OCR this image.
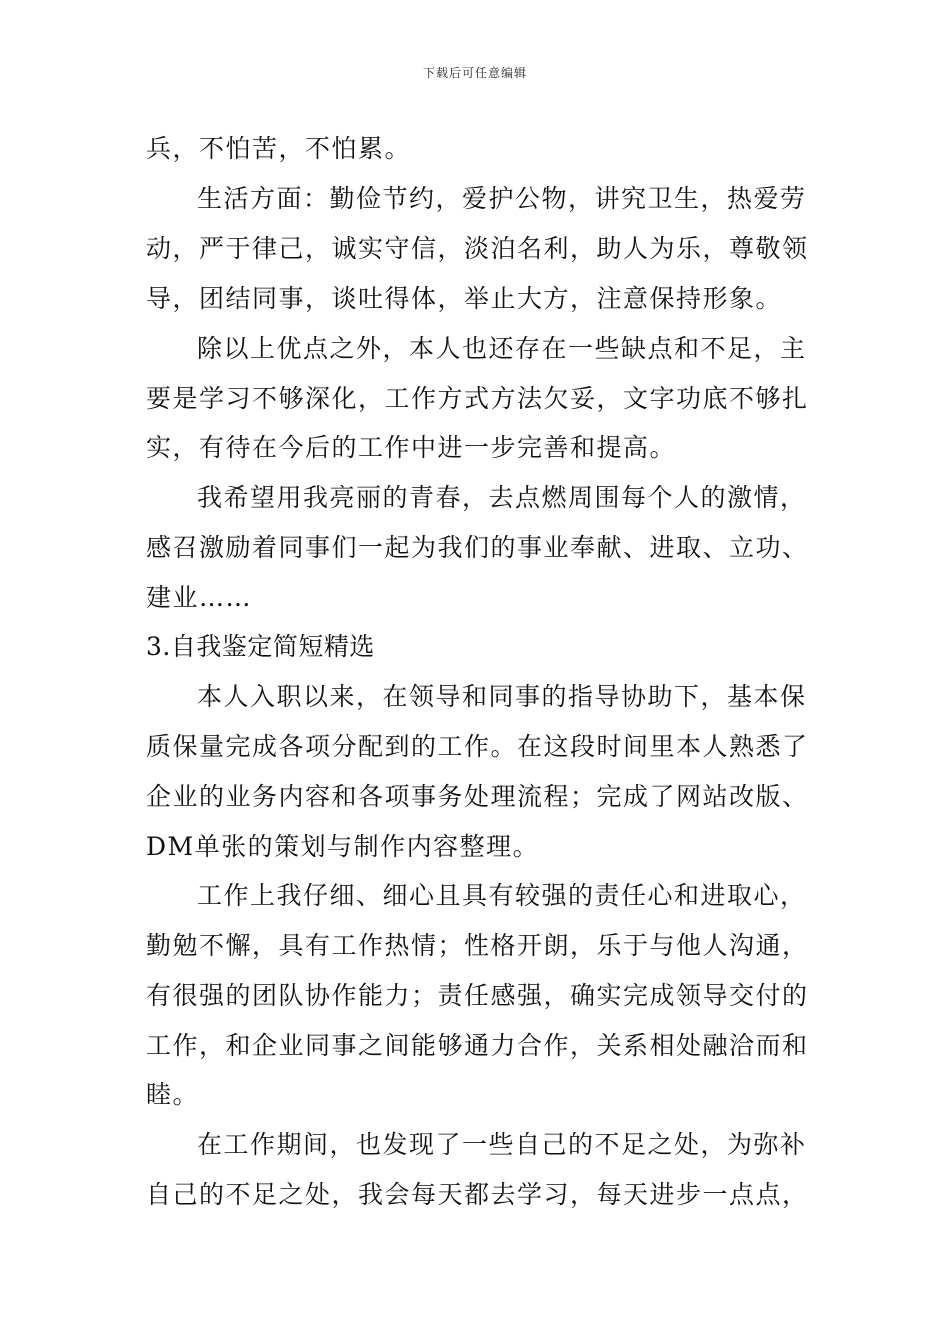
下载后可任意编辑
兵，不怕苦，不怕累。
生活方面：勤俭节约，爱护公物，讲究卫生，热爱劳
动，严于律己，诚实守信，淡泊名利，助人为乐，尊敬领
导，团结同事，谈吐得体，举止大方，注意保持形象。
除以上优点之外，本人也还存在一些缺点和不足，主
要是学习不够深化，工作方式方法欠妥，文字功底不够扎
实，有待在今后的工作中进一步完善和提高。
我希望用我亮丽的青春，去点燃周围每个人的激情，
感召激励着同事们一起为我们的事业奉献、进取、立功、
建业……
3.自我鉴定简短精选
本人入职以来，在领导和同事的指导协助下，基本保
质保量完成各项分配到的工作。在这段时间里本人熟悉了
企业的业务内容和各项事务处理流程；完成了网站改版、
DM单张的策划与制作内容整理。
工作上我仔细、细心且具有较强的责任心和进取心，
勤勉不懈，具有工作热情；性格开朗，乐于与他人沟通，
有很强的团队协作能力；责任感强，确实完成领导交付的
工作，和企业同事之间能够通力合作，关系相处融洽而和
睦。
在工作期间，也发现了一些自己的不足之处，为弥补
自己的不足之处，我会每天都去学习，每天进步一点点，
